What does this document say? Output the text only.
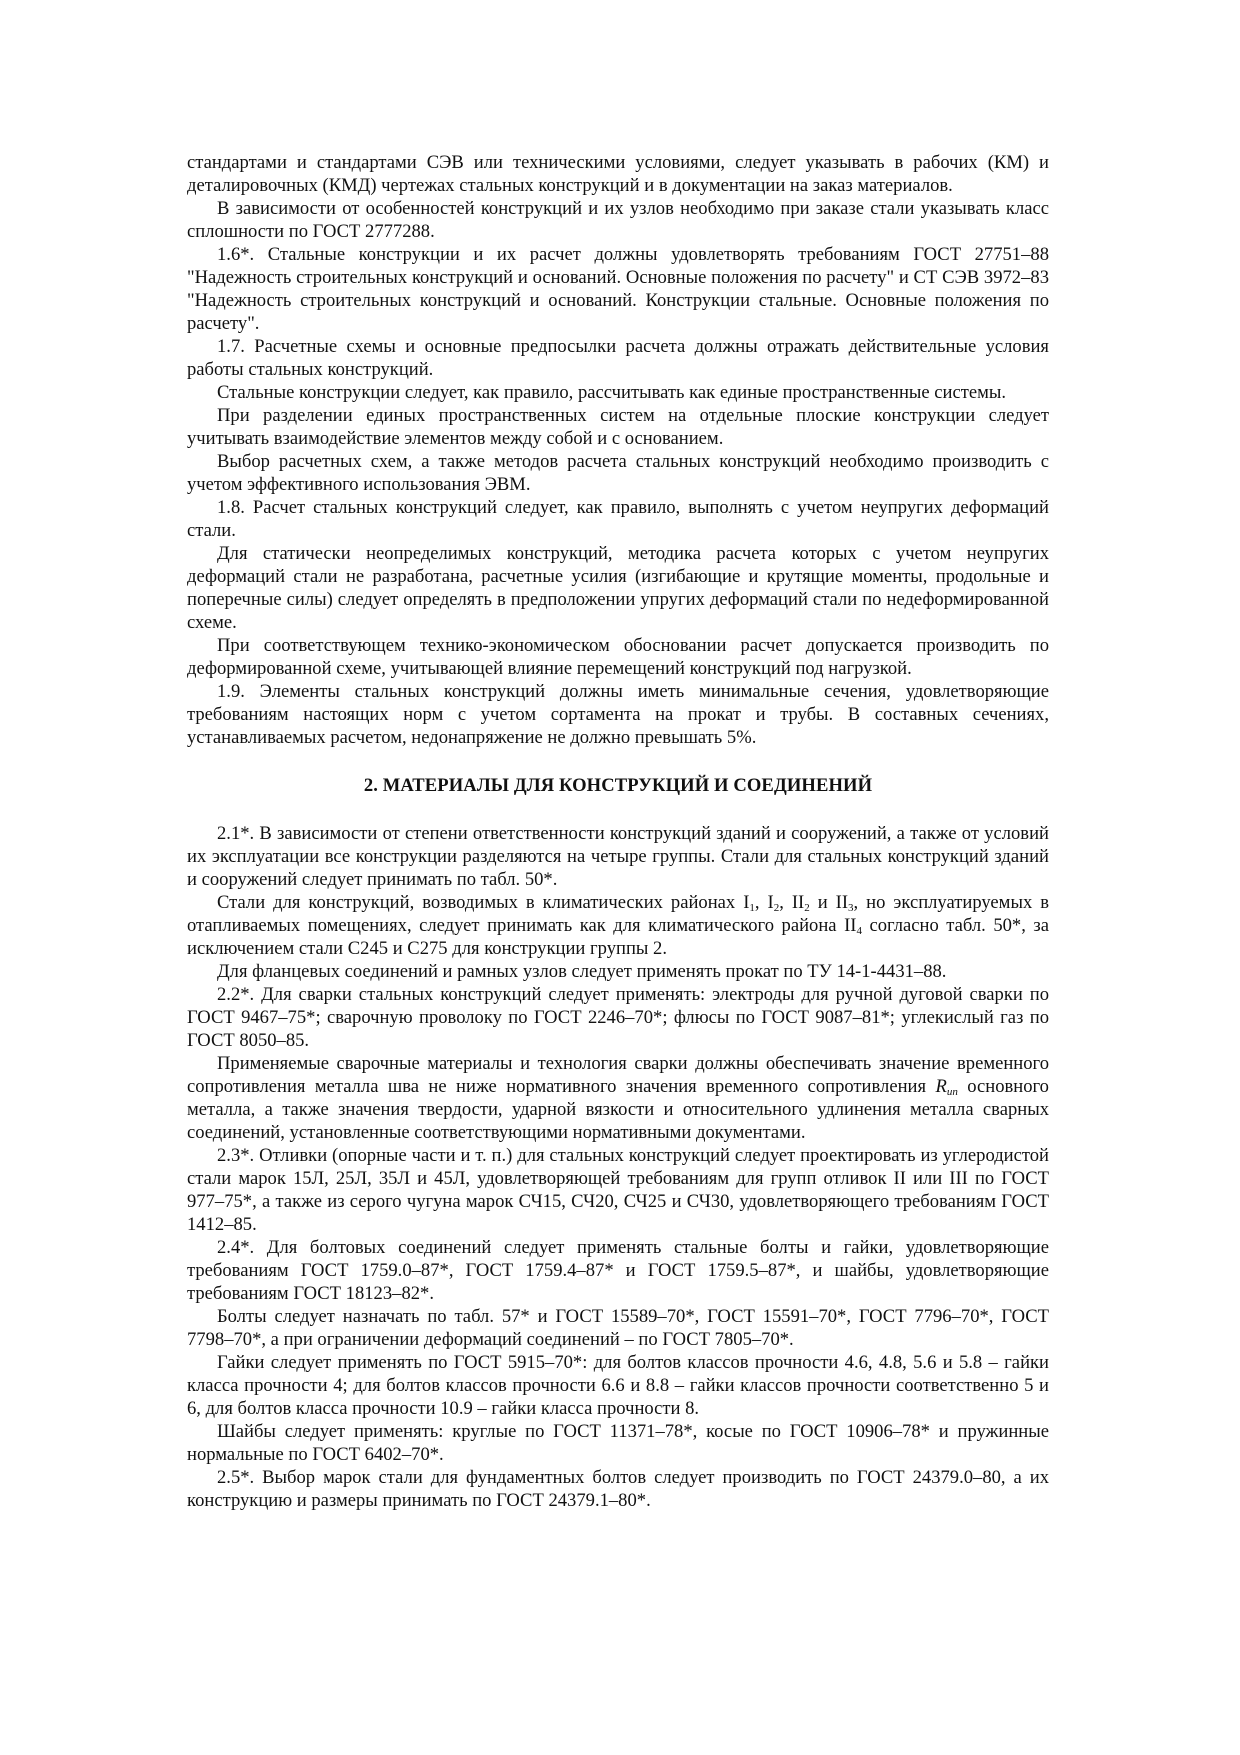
стандартами и стандартами СЭВ или техническими условиями, следует указывать в рабочих (КМ) и деталировочных (КМД) чертежах стальных конструкций и в документации на заказ материалов.

В зависимости от особенностей конструкций и их узлов необходимо при заказе стали указывать класс сплошности по ГОСТ 2777288.

1.6*. Стальные конструкции и их расчет должны удовлетворять требованиям ГОСТ 27751–88 "Надежность строительных конструкций и оснований. Основные положения по расчету" и СТ СЭВ 3972–83 "Надежность строительных конструкций и оснований. Конструкции стальные. Основные положения по расчету".

1.7. Расчетные схемы и основные предпосылки расчета должны отражать действительные условия работы стальных конструкций.

Стальные конструкции следует, как правило, рассчитывать как единые пространственные системы.

При разделении единых пространственных систем на отдельные плоские конструкции следует учитывать взаимодействие элементов между собой и с основанием.

Выбор расчетных схем, а также методов расчета стальных конструкций необходимо производить с учетом эффективного использования ЭВМ.

1.8. Расчет стальных конструкций следует, как правило, выполнять с учетом неупругих деформаций стали.

Для статически неопределимых конструкций, методика расчета которых с учетом неупругих деформаций стали не разработана, расчетные усилия (изгибающие и крутящие моменты, продольные и поперечные силы) следует определять в предположении упругих деформаций стали по недеформированной схеме.

При соответствующем технико-экономическом обосновании расчет допускается производить по деформированной схеме, учитывающей влияние перемещений конструкций под нагрузкой.

1.9. Элементы стальных конструкций должны иметь минимальные сечения, удовлетворяющие требованиям настоящих норм с учетом сортамента на прокат и трубы. В составных сечениях, устанавливаемых расчетом, недонапряжение не должно превышать 5%.

2. МАТЕРИАЛЫ ДЛЯ КОНСТРУКЦИЙ И СОЕДИНЕНИЙ

2.1*. В зависимости от степени ответственности конструкций зданий и сооружений, а также от условий их эксплуатации все конструкции разделяются на четыре группы. Стали для стальных конструкций зданий и сооружений следует принимать по табл. 50*.

Стали для конструкций, возводимых в климатических районах $I_1$, $I_2$, $II_2$ и $II_3$, но эксплуатируемых в отапливаемых помещениях, следует принимать как для климатического района $II_4$ согласно табл. 50*, за исключением стали С245 и С275 для конструкции группы 2.

Для фланцевых соединений и рамных узлов следует применять прокат по ТУ 14-1-4431–88.

2.2*. Для сварки стальных конструкций следует применять: электроды для ручной дуговой сварки по ГОСТ 9467–75*; сварочную проволоку по ГОСТ 2246–70*; флюсы по ГОСТ 9087–81*; углекислый газ по ГОСТ 8050–85.

Применяемые сварочные материалы и технология сварки должны обеспечивать значение временного сопротивления металла шва не ниже нормативного значения временного сопротивления $R_{un}$ основного металла, а также значения твердости, ударной вязкости и относительного удлинения металла сварных соединений, установленные соответствующими нормативными документами.

2.3*. Отливки (опорные части и т. п.) для стальных конструкций следует проектировать из углеродистой стали марок 15Л, 25Л, 35Л и 45Л, удовлетворяющей требованиям для групп отливок II или III по ГОСТ 977–75*, а также из серого чугуна марок СЧ15, СЧ20, СЧ25 и СЧ30, удовлетворяющего требованиям ГОСТ 1412–85.

2.4*. Для болтовых соединений следует применять стальные болты и гайки, удовлетворяющие требованиям ГОСТ 1759.0–87*, ГОСТ 1759.4–87* и ГОСТ 1759.5–87*, и шайбы, удовлетворяющие требованиям ГОСТ 18123–82*.

Болты следует назначать по табл. 57* и ГОСТ 15589–70*, ГОСТ 15591–70*, ГОСТ 7796–70*, ГОСТ 7798–70*, а при ограничении деформаций соединений – по ГОСТ 7805–70*.

Гайки следует применять по ГОСТ 5915–70*: для болтов классов прочности 4.6, 4.8, 5.6 и 5.8 – гайки класса прочности 4; для болтов классов прочности 6.6 и 8.8 – гайки классов прочности соответственно 5 и 6, для болтов класса прочности 10.9 – гайки класса прочности 8.

Шайбы следует применять: круглые по ГОСТ 11371–78*, косые по ГОСТ 10906–78* и пружинные нормальные по ГОСТ 6402–70*.

2.5*. Выбор марок стали для фундаментных болтов следует производить по ГОСТ 24379.0–80, а их конструкцию и размеры принимать по ГОСТ 24379.1–80*.
